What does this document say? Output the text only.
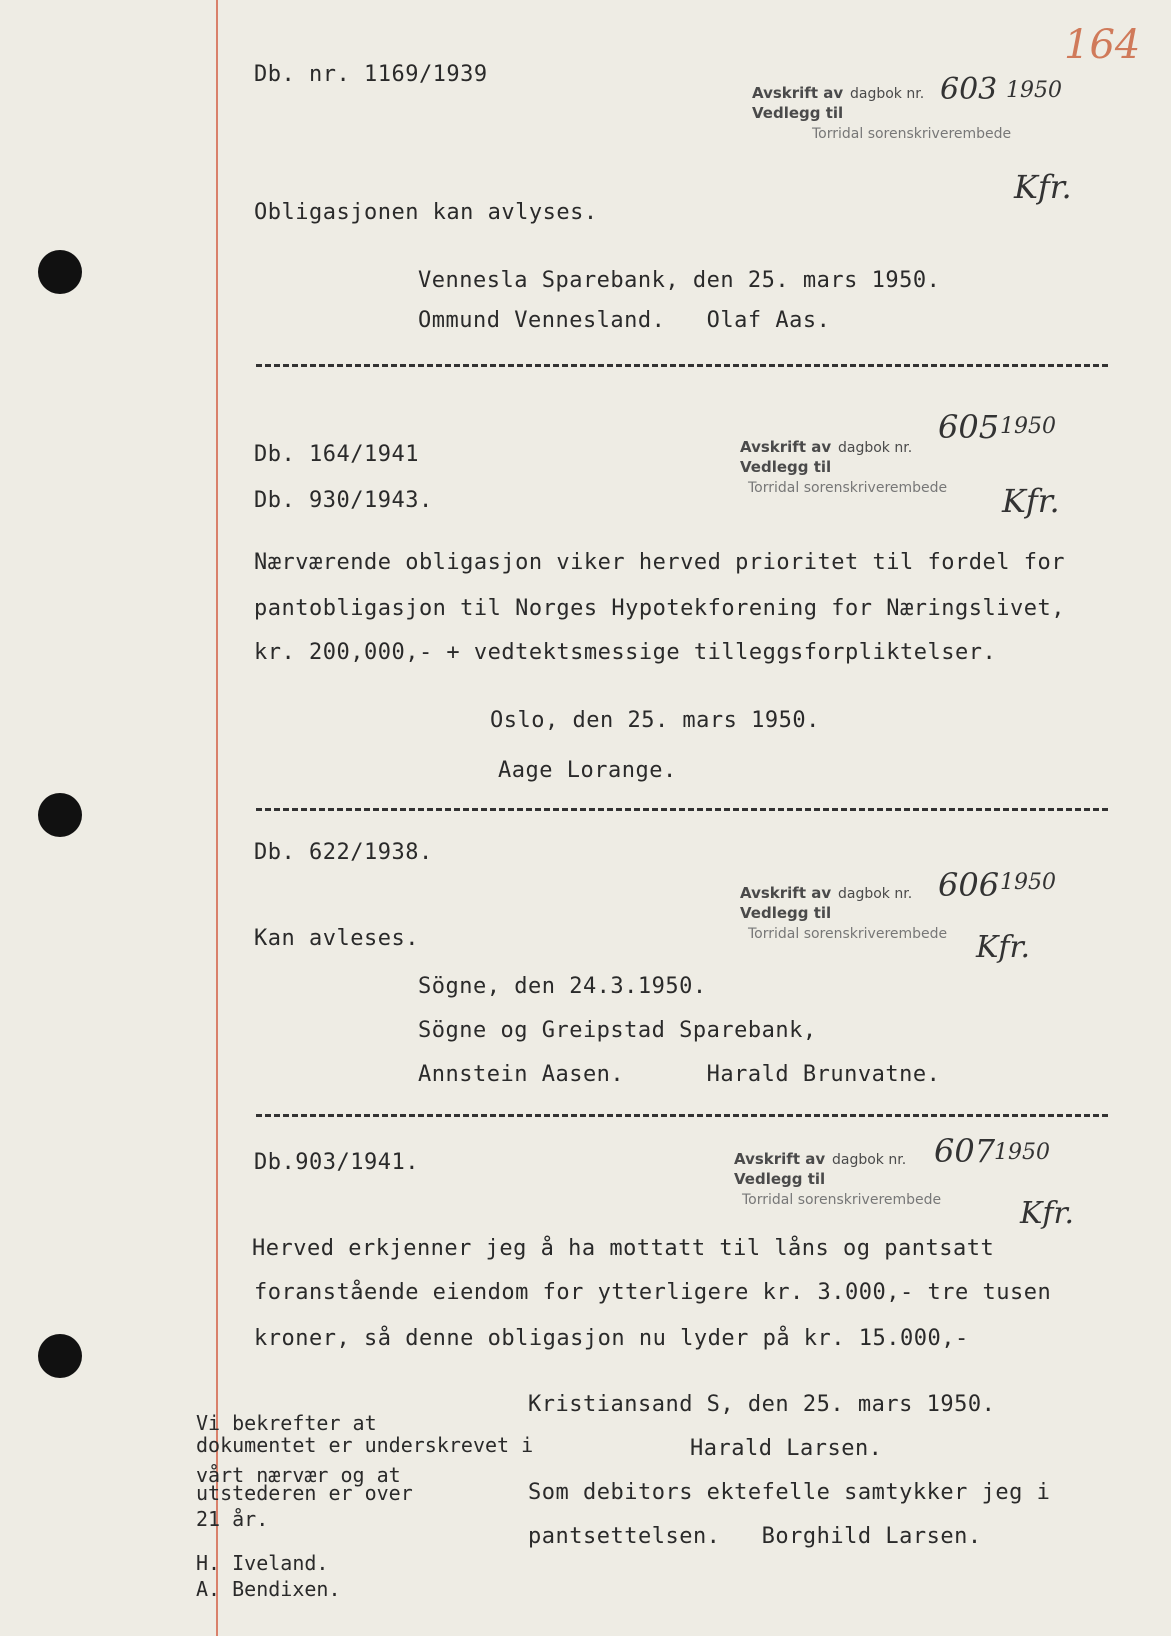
164
Db. nr. 1169/1939
Avskrift av dagbok nr.
Vedlegg til
Torridal sorenskriverembede
603 1950
Kfr.
Obligasjonen kan avlyses.
Vennesla Sparebank, den 25. mars 1950.
Ommund Vennesland.   Olaf Aas.
Db. 164/1941
Db. 930/1943.
Avskrift av dagbok nr.
Vedlegg til
Torridal sorenskriverembede
605 1950
Kfr.
Nærværende obligasjon viker herved prioritet til fordel for
pantobligasjon til Norges Hypotekforening for Næringslivet,
kr. 200,000,- + vedtektsmessige tilleggsforpliktelser.
Oslo, den 25. mars 1950.
Aage Lorange.
Db. 622/1938.
Avskrift av dagbok nr.
Vedlegg til
Torridal sorenskriverembede
606 1950
Kfr.
Kan avleses.
Sögne, den 24.3.1950.
Sögne og Greipstad Sparebank,
Annstein Aasen.      Harald Brunvatne.
Db.903/1941.	Avskrift av dagbok nr.
Vedlegg til
Torridal sorenskriverembede
607
1950
Kfr.
Herved erkjenner jeg å ha mottatt til låns og pantsatt
foranstående eiendom for ytterligere kr. 3.000,- tre tusen
kroner, så denne obligasjon nu lyder på kr. 15.000,-
Kristiansand S, den 25. mars 1950.
Harald Larsen.
Som debitors ektefelle samtykker jeg i
pantsettelsen.   Borghild Larsen.
Vi bekrefter at
dokumentet er underskrevet i
vårt nærvær og at
utstederen er over
21 år.
H. Iveland.
A. Bendixen.
